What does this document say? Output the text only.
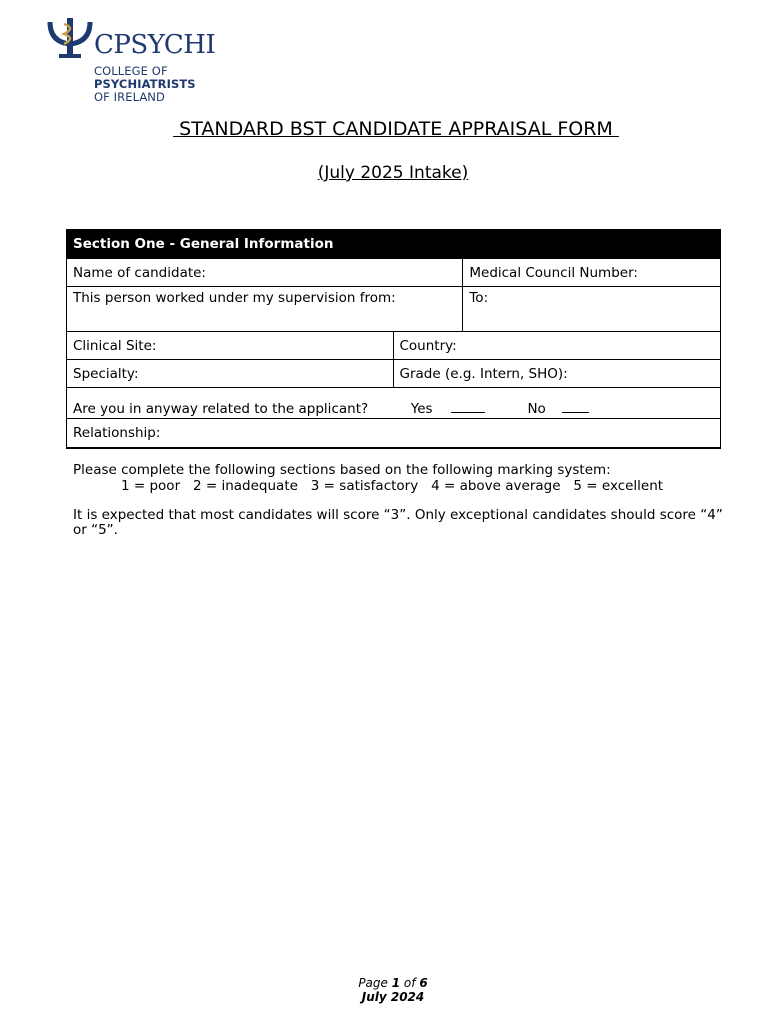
CPSYCHI
COLLEGE OF
PSYCHIATRISTS
OF IRELAND
STANDARD BST CANDIDATE APPRAISAL FORM
(July 2025 Intake)
Section One - General Information		
Name of candidate:		Medical Council Number:
This person worked under my supervision from:		To:
Clinical Site:	Country:	
Specialty:	Grade (e.g. Intern, SHO):	
Are you in anyway related to the applicant? Yes No		
Relationship:		
Please complete the following sections based on the following marking system:
1 = poor   2 = inadequate   3 = satisfactory   4 = above average   5 = excellent
It is expected that most candidates will score “3”. Only exceptional candidates should score “4” or “5”.
Page 1 of 6
July 2024
